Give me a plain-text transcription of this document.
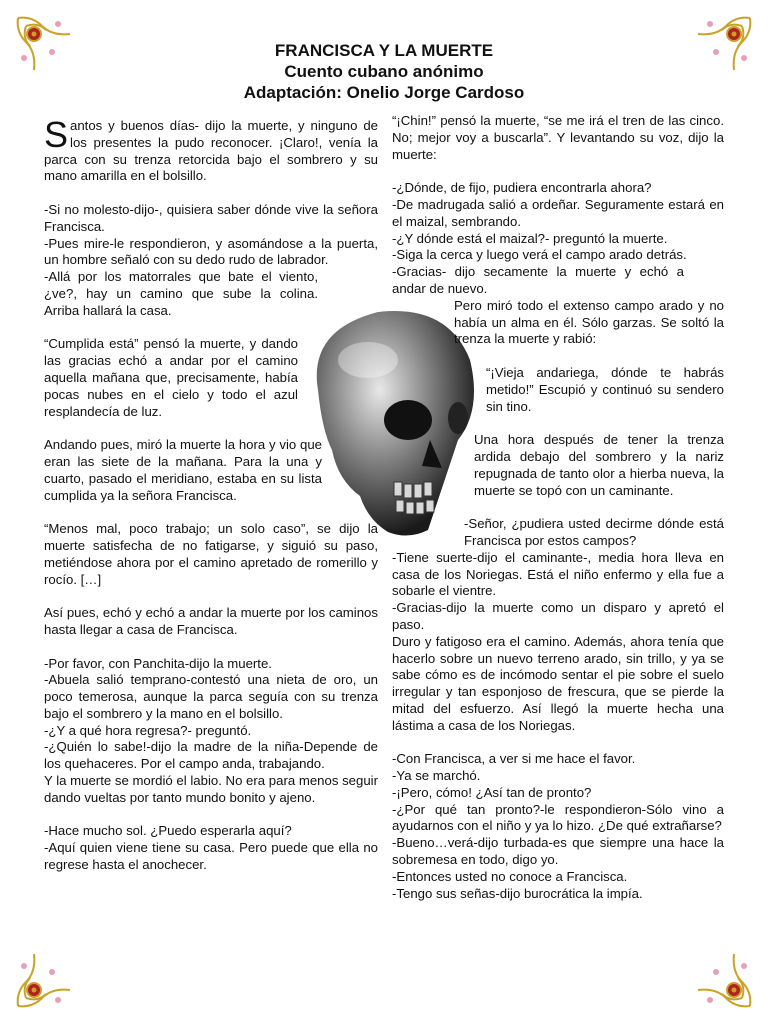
FRANCISCA Y LA MUERTE
Cuento cubano anónimo
Adaptación: Onelio Jorge Cardoso

Santos y buenos días- dijo la muerte, y ninguno de los presentes la pudo reconocer. ¡Claro!, venía la parca con su trenza retorcida bajo el sombrero y su mano amarilla en el bolsillo.

-Si no molesto-dijo-, quisiera saber dónde vive la señora Francisca.

-Pues mire-le respondieron, y asomándose a la puerta, un hombre señaló con su dedo rudo de labrador.

-Allá por los matorrales que bate el viento, ¿ve?, hay un camino que sube la colina. Arriba hallará la casa.

“Cumplida está” pensó la muerte, y dando las gracias echó a andar por el camino aquella mañana que, precisamente, había pocas nubes en el cielo y todo el azul resplandecía de luz.

Andando pues, miró la muerte la hora y vio que eran las siete de la mañana. Para la una y cuarto, pasado el meridiano, estaba en su lista cumplida ya la señora Francisca.

“Menos mal, poco trabajo; un solo caso”, se dijo la muerte satisfecha de no fatigarse, y siguió su paso, metiéndose ahora por el camino apretado de romerillo y rocío. […]

Así pues, echó y echó a andar la muerte por los caminos hasta llegar a casa de Francisca.

-Por favor, con Panchita-dijo la muerte.

-Abuela salió temprano-contestó una nieta de oro, un poco temerosa, aunque la parca seguía con su trenza bajo el sombrero y la mano en el bolsillo.

-¿Y a qué hora regresa?- preguntó.

-¿Quién lo sabe!-dijo la madre de la niña-Depende de los quehaceres. Por el campo anda, trabajando.

Y la muerte se mordió el labio. No era para menos seguir dando vueltas por tanto mundo bonito y ajeno.

-Hace mucho sol. ¿Puedo esperarla aquí?

-Aquí quien viene tiene su casa. Pero puede que ella no regrese hasta el anochecer.

“¡Chin!” pensó la muerte, “se me irá el tren de las cinco. No; mejor voy a buscarla”. Y levantando su voz, dijo la muerte:

-¿Dónde, de fijo, pudiera encontrarla ahora?

-De madrugada salió a ordeñar. Seguramente estará en el maizal, sembrando.

-¿Y dónde está el maizal?- preguntó la muerte.

-Siga la cerca y luego verá el campo arado detrás.

-Gracias- dijo secamente la muerte y echó a andar de nuevo.

Pero miró todo el extenso campo arado y no había un alma en él. Sólo garzas. Se soltó la trenza la muerte y rabió:

“¡Vieja andariega, dónde te habrás metido!” Escupió y continuó su sendero sin tino.

Una hora después de tener la trenza ardida debajo del sombrero y la nariz repugnada de tanto olor a hierba nueva, la muerte se topó con un caminante.

-Señor, ¿pudiera usted decirme dónde está Francisca por estos campos?

-Tiene suerte-dijo el caminante-, media hora lleva en casa de los Noriegas. Está el niño enfermo y ella fue a sobarle el vientre.

-Gracias-dijo la muerte como un disparo y apretó el paso.

Duro y fatigoso era el camino. Además, ahora tenía que hacerlo sobre un nuevo terreno arado, sin trillo, y ya se sabe cómo es de incómodo sentar el pie sobre el suelo irregular y tan esponjoso de frescura, que se pierde la mitad del esfuerzo. Así llegó la muerte hecha una lástima a casa de los Noriegas.

-Con Francisca, a ver si me hace el favor.

-Ya se marchó.

-¡Pero, cómo! ¿Así tan de pronto?

-¿Por qué tan pronto?-le respondieron-Sólo vino a ayudarnos con el niño y ya lo hizo. ¿De qué extrañarse?

-Bueno…verá-dijo turbada-es que siempre una hace la sobremesa en todo, digo yo.

-Entonces usted no conoce a Francisca.

-Tengo sus señas-dijo burocrática la impía.
